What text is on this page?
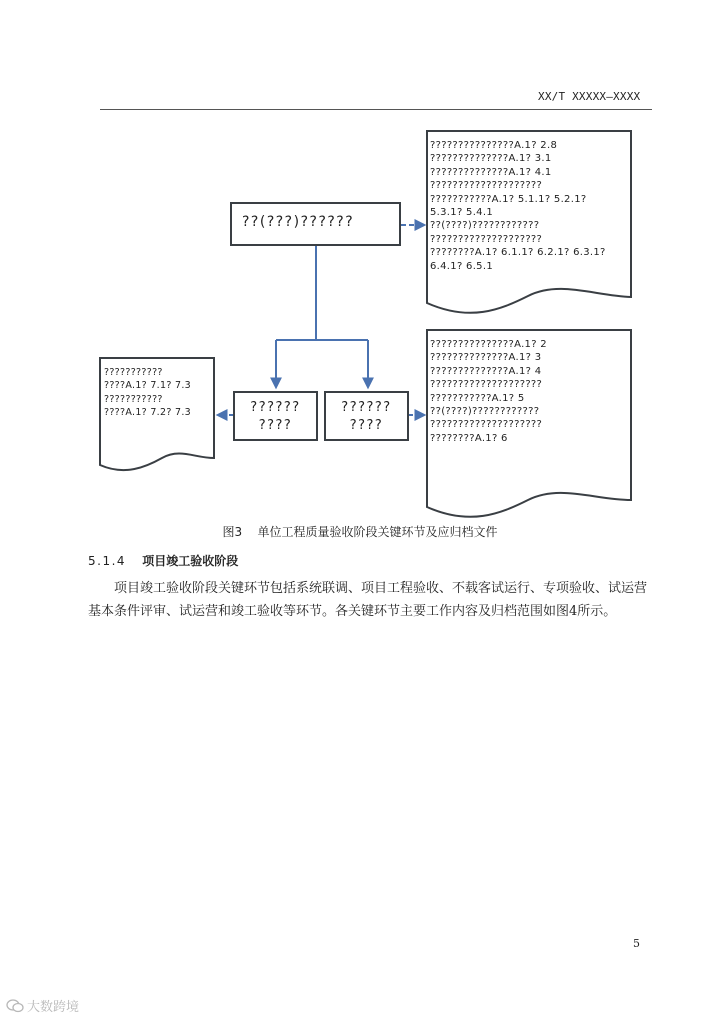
XX/T XXXXX—XXXX
??(???)??????
??????
????
??????
????
???????????????A.1? 2.8
??????????????A.1? 3.1
??????????????A.1? 4.1
????????????????????
???????????A.1? 5.1.1? 5.2.1?
5.3.1? 5.4.1
??(????)????????????
????????????????????
????????A.1? 6.1.1? 6.2.1? 6.3.1?
6.4.1? 6.5.1
???????????????A.1? 2
??????????????A.1? 3
??????????????A.1? 4
????????????????????
???????????A.1? 5
??(????)????????????
????????????????????
????????A.1? 6
???????????
????A.1? 7.1? 7.3
???????????
????A.1? 7.2? 7.3
图3    单位工程质量验收阶段关键环节及应归档文件
5.1.4 项目竣工验收阶段
项目竣工验收阶段关键环节包括系统联调、项目工程验收、不载客试运行、专项验收、试运营基本条件评审、试运营和竣工验收等环节。各关键环节主要工作内容及归档范围如图4所示。
5
大数跨境
